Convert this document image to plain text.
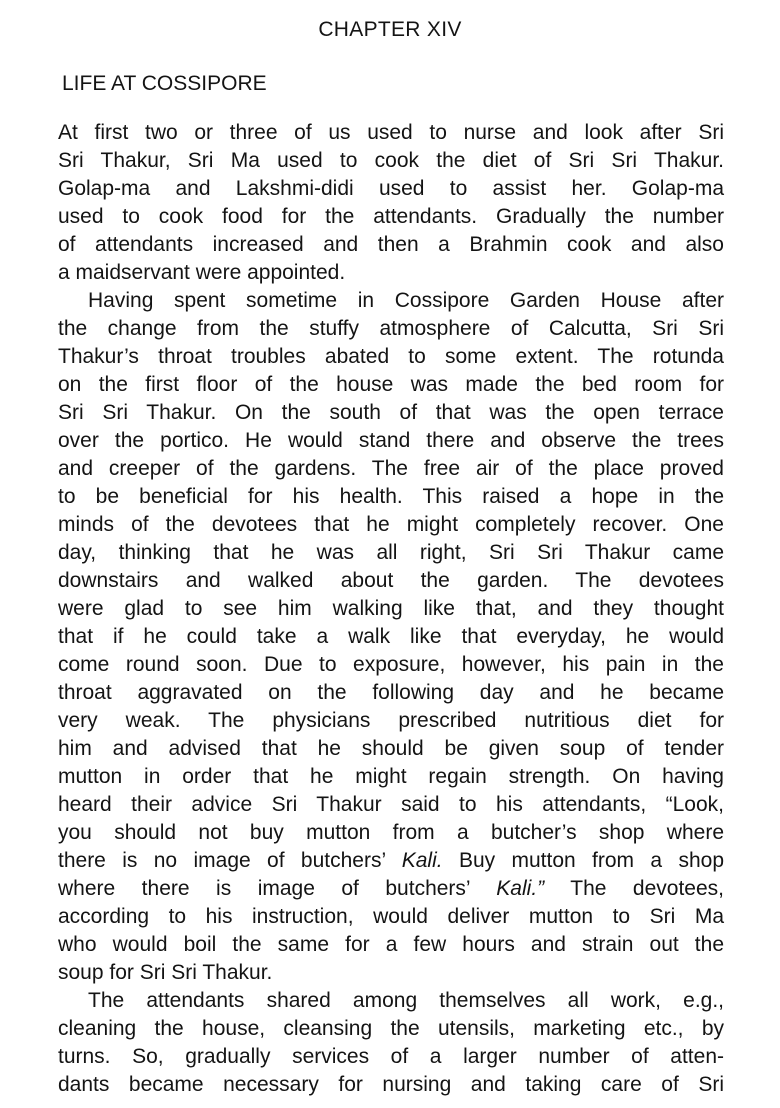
CHAPTER XIV
LIFE AT COSSIPORE
At first two or three of us used to nurse and look after Sri
Sri Thakur, Sri Ma used to cook the diet of Sri Sri Thakur.
Golap-ma and Lakshmi-didi used to assist her. Golap-ma
used to cook food for the attendants. Gradually the number
of attendants increased and then a Brahmin cook and also
a maidservant were appointed.
Having spent sometime in Cossipore Garden House after
the change from the stuffy atmosphere of Calcutta, Sri Sri
Thakur’s throat troubles abated to some extent. The rotunda
on the first floor of the house was made the bed room for
Sri Sri Thakur. On the south of that was the open terrace
over the portico. He would stand there and observe the trees
and creeper of the gardens. The free air of the place proved
to be beneficial for his health. This raised a hope in the
minds of the devotees that he might completely recover. One
day, thinking that he was all right, Sri Sri Thakur came
downstairs and walked about the garden. The devotees
were glad to see him walking like that, and they thought
that if he could take a walk like that everyday, he would
come round soon. Due to exposure, however, his pain in the
throat aggravated on the following day and he became
very weak. The physicians prescribed nutritious diet for
him and advised that he should be given soup of tender
mutton in order that he might regain strength. On having
heard their advice Sri Thakur said to his attendants, “Look,
you should not buy mutton from a butcher’s shop where
there is no image of butchers’ Kali. Buy mutton from a shop
where there is image of butchers’ Kali.” The devotees,
according to his instruction, would deliver mutton to Sri Ma
who would boil the same for a few hours and strain out the
soup for Sri Sri Thakur.
The attendants shared among themselves all work, e.g.,
cleaning the house, cleansing the utensils, marketing etc., by
turns. So, gradually services of a larger number of atten-
dants became necessary for nursing and taking care of Sri
